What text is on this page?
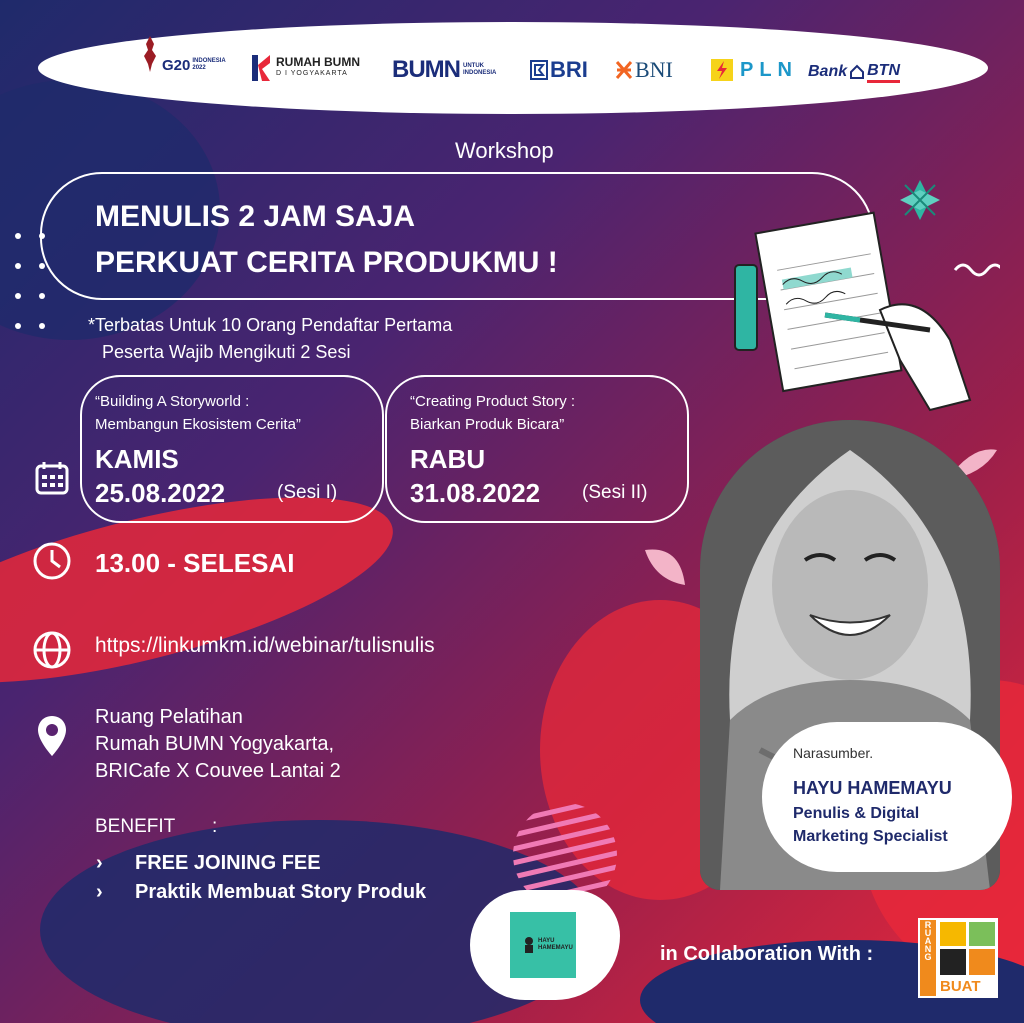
G20 INDONESIA
2022	RUMAH BUMN
D I YOGYAKARTA	BUMN UNTUK
INDONESIA BRI BNI	PLN Bank BTN
Workshop
MENULIS 2 JAM SAJA
PERKUAT CERITA PRODUKMU !
*Terbatas Untuk 10 Orang Pendaftar Pertama
Peserta Wajib Mengikuti 2 Sesi
“Building A Storyworld :
Membangun Ekosistem Cerita”
KAMIS
25.08.2022	(Sesi I)
“Creating Product Story :
Biarkan Produk Bicara”
RABU
31.08.2022 (Sesi II)
13.00 - SELESAI
https://linkumkm.id/webinar/tulisnulis
Ruang Pelatihan
Rumah BUMN Yogyakarta,
BRICafe X Couvee Lantai 2
BENEFIT :
› FREE JOINING FEE
› Praktik Membuat Story Produk
Narasumber.
HAYU HAMEMAYU
Penulis & Digital
Marketing Specialist
HAYU
HAMEMAYU	in Collaboration With :	RUANG
BUAT
